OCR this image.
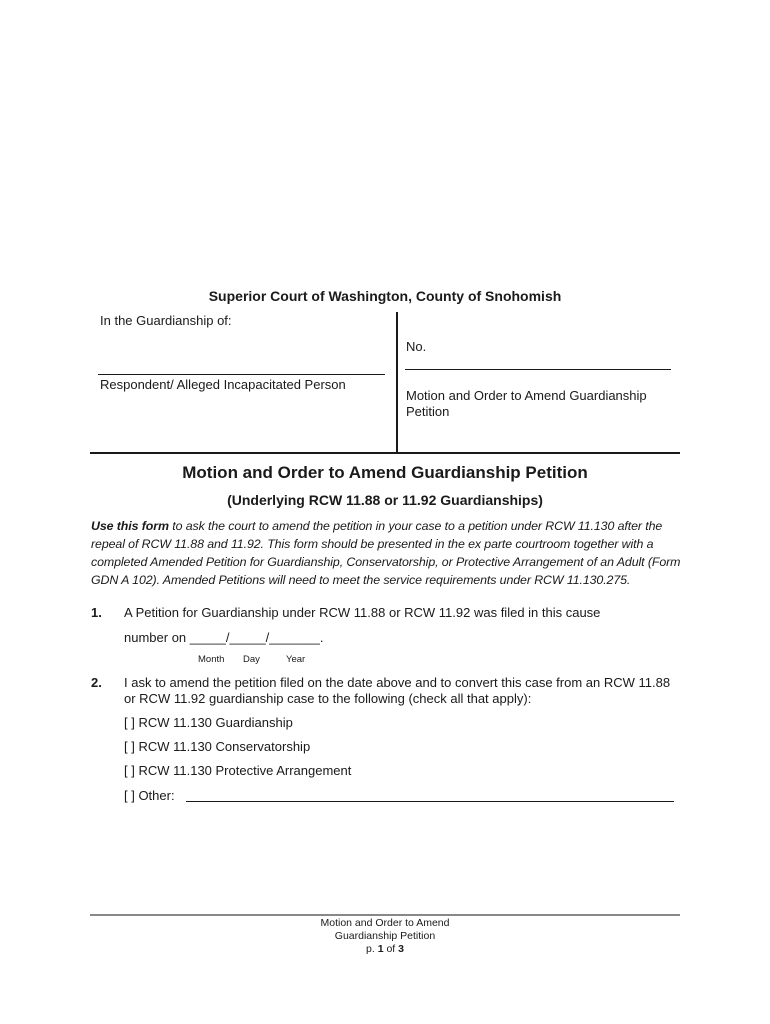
Superior Court of Washington, County of Snohomish
In the Guardianship of:
Respondent/ Alleged Incapacitated Person
No.
Motion and Order to Amend Guardianship Petition
Motion and Order to Amend Guardianship Petition
(Underlying RCW 11.88 or 11.92 Guardianships)
Use this form to ask the court to amend the petition in your case to a petition under RCW 11.130 after the repeal of RCW 11.88 and 11.92. This form should be presented in the ex parte courtroom together with a completed Amended Petition for Guardianship, Conservatorship, or Protective Arrangement of an Adult (Form GDN A 102). Amended Petitions will need to meet the service requirements under RCW 11.130.275.
1. A Petition for Guardianship under RCW 11.88 or RCW 11.92 was filed in this cause
number on _____/_____/_______.
Month Day	Year
2. I ask to amend the petition filed on the date above and to convert this case from an RCW 11.88 or RCW 11.92 guardianship case to the following (check all that apply):
[ ] RCW 11.130 Guardianship
[ ] RCW 11.130 Conservatorship
[ ] RCW 11.130 Protective Arrangement
[ ] Other:
Motion and Order to Amend
Guardianship Petition
p. 1 of 3
